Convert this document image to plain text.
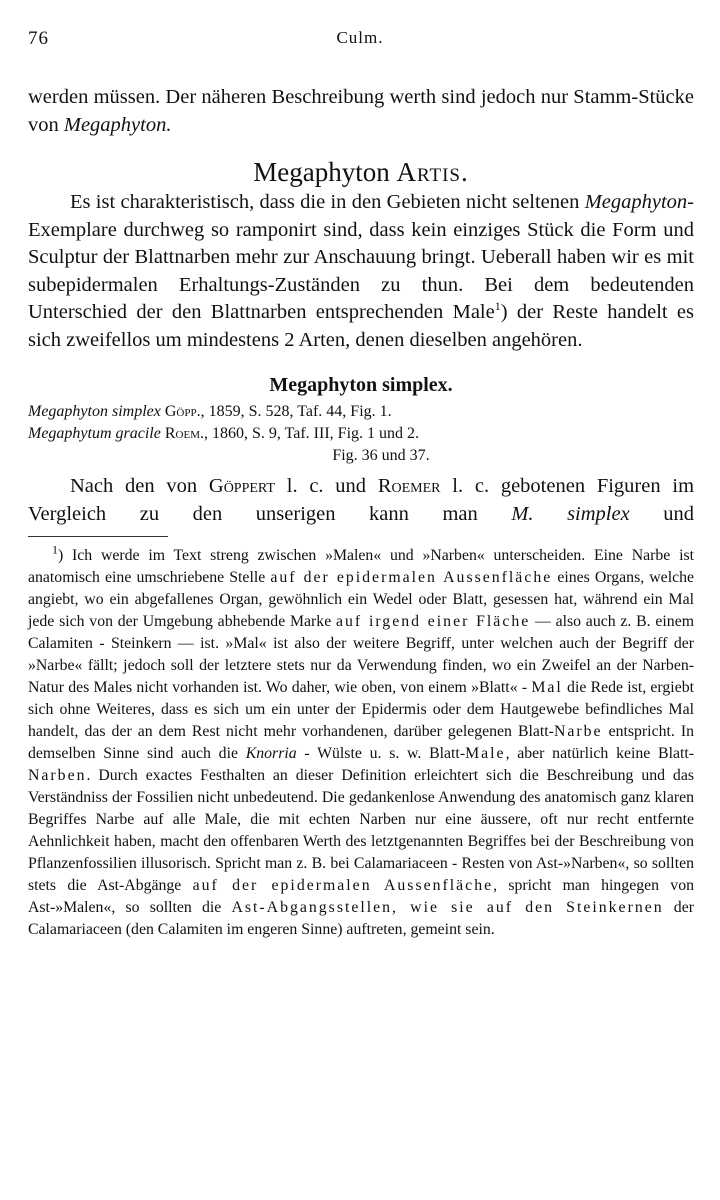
76	Culm.

werden müssen. Der näheren Beschreibung werth sind jedoch nur Stamm-Stücke von Megaphyton.

Megaphyton Artis.

Es ist charakteristisch, dass die in den Gebieten nicht seltenen Megaphyton-Exemplare durchweg so ramponirt sind, dass kein einziges Stück die Form und Sculptur der Blattnarben mehr zur Anschauung bringt. Ueberall haben wir es mit subepidermalen Erhaltungs-Zuständen zu thun. Bei dem bedeutenden Unterschied der den Blattnarben entsprechenden Male$^1$) der Reste handelt es sich zweifellos um mindestens 2 Arten, denen dieselben angehören.

Megaphyton simplex.
Megaphyton simplex Göpp., 1859, S. 528, Taf. 44, Fig. 1.
Megaphytum gracile Roem., 1860, S. 9, Taf. III, Fig. 1 und 2.
Fig. 36 und 37.

Nach den von Göppert l. c. und Roemer l. c. gebotenen Figuren im Vergleich zu den unserigen kann man M. simplex und

$^1$) Ich werde im Text streng zwischen »Malen« und »Narben« unterscheiden. Eine Narbe ist anatomisch eine umschriebene Stelle auf der epidermalen Aussenfläche eines Organs, welche angiebt, wo ein abgefallenes Organ, gewöhnlich ein Wedel oder Blatt, gesessen hat, während ein Mal jede sich von der Umgebung abhebende Marke auf irgend einer Fläche — also auch z. B. einem Calamiten - Steinkern — ist. »Mal« ist also der weitere Begriff, unter welchen auch der Begriff der »Narbe« fällt; jedoch soll der letztere stets nur da Verwendung finden, wo ein Zweifel an der Narben-Natur des Males nicht vorhanden ist. Wo daher, wie oben, von einem »Blatt« - Mal die Rede ist, ergiebt sich ohne Weiteres, dass es sich um ein unter der Epidermis oder dem Hautgewebe befindliches Mal handelt, das der an dem Rest nicht mehr vorhandenen, darüber gelegenen Blatt-Narbe entspricht. In demselben Sinne sind auch die Knorria - Wülste u. s. w. Blatt-Male, aber natürlich keine Blatt-Narben. Durch exactes Festhalten an dieser Definition erleichtert sich die Beschreibung und das Verständniss der Fossilien nicht unbedeutend. Die gedankenlose Anwendung des anatomisch ganz klaren Begriffes Narbe auf alle Male, die mit echten Narben nur eine äussere, oft nur recht entfernte Aehnlichkeit haben, macht den offenbaren Werth des letztgenannten Begriffes bei der Beschreibung von Pflanzenfossilien illusorisch. Spricht man z. B. bei Calamariaceen - Resten von Ast-»Narben«, so sollten stets die Ast-Abgänge auf der epidermalen Aussenfläche, spricht man hingegen von Ast-»Malen«, so sollten die Ast-Abgangsstellen, wie sie auf den Steinkernen der Calamariaceen (den Calamiten im engeren Sinne) auftreten, gemeint sein.
